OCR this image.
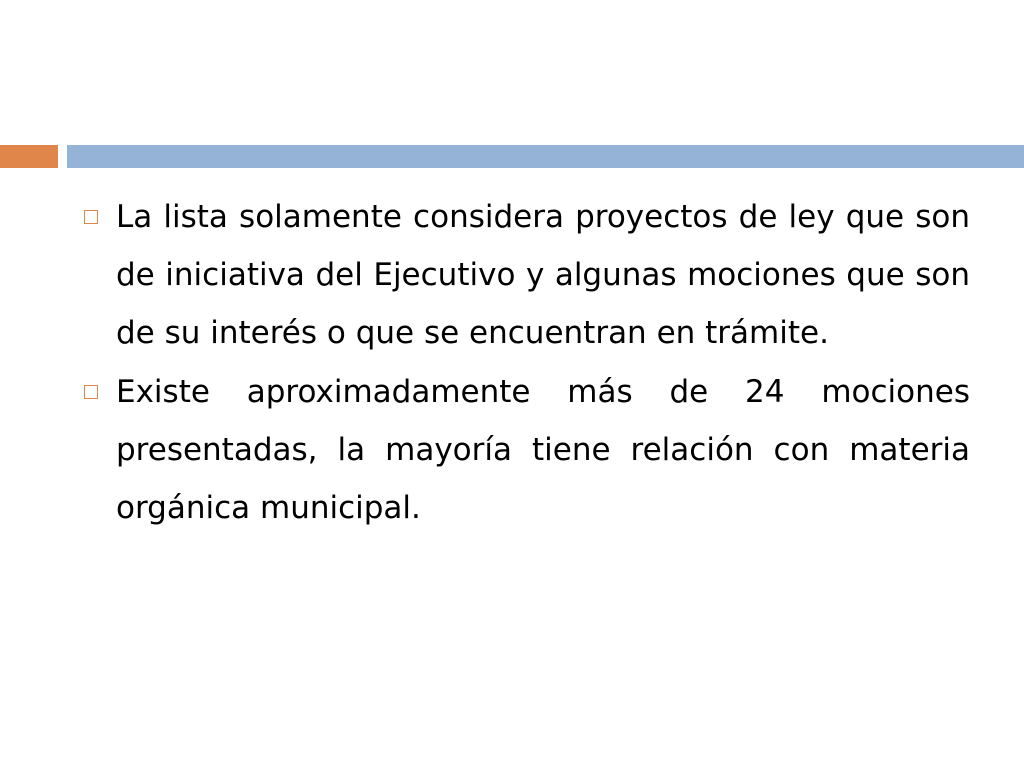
La lista solamente considera proyectos de ley que son de iniciativa del Ejecutivo y algunas mociones que son de su interés o que se encuentran en trámite.
Existe aproximadamente más de 24 mociones presentadas, la mayoría tiene relación con materia orgánica municipal.
